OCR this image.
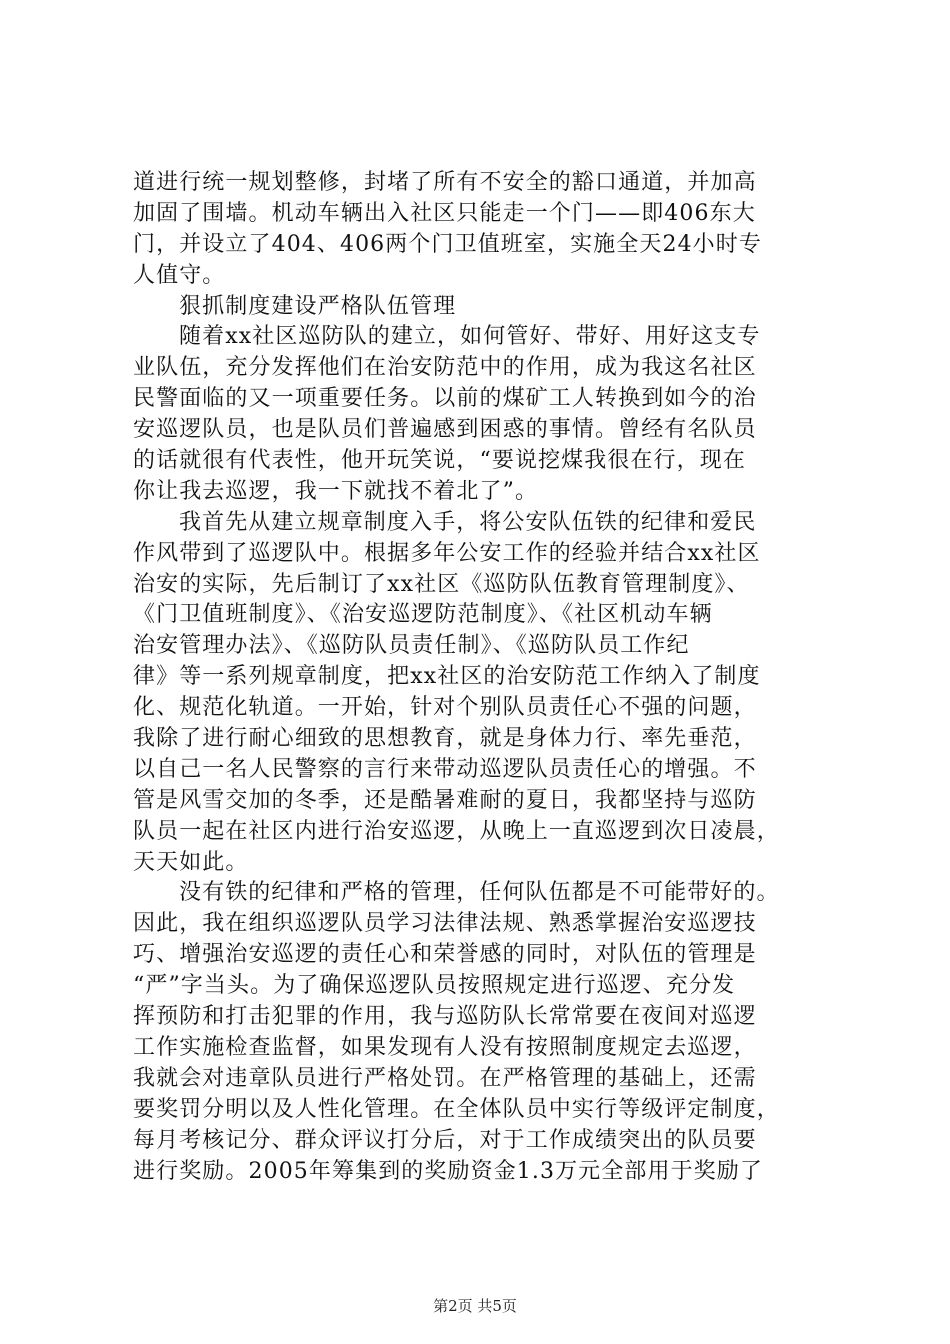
道进行统一规划整修，封堵了所有不安全的豁口通道，并加高
加固了围墙。机动车辆出入社区只能走一个门——即406东大
门，并设立了404、406两个门卫值班室，实施全天24小时专
人值守。
狠抓制度建设严格队伍管理
随着xx社区巡防队的建立，如何管好、带好、用好这支专
业队伍，充分发挥他们在治安防范中的作用，成为我这名社区
民警面临的又一项重要任务。以前的煤矿工人转换到如今的治
安巡逻队员，也是队员们普遍感到困惑的事情。曾经有名队员
的话就很有代表性，他开玩笑说，“要说挖煤我很在行，现在
你让我去巡逻，我一下就找不着北了”。
我首先从建立规章制度入手，将公安队伍铁的纪律和爱民
作风带到了巡逻队中。根据多年公安工作的经验并结合xx社区
治安的实际，先后制订了xx社区《巡防队伍教育管理制度》、
《门卫值班制度》、《治安巡逻防范制度》、《社区机动车辆
治安管理办法》、《巡防队员责任制》、《巡防队员工作纪
律》等一系列规章制度，把xx社区的治安防范工作纳入了制度
化、规范化轨道。一开始，针对个别队员责任心不强的问题，
我除了进行耐心细致的思想教育，就是身体力行、率先垂范，
以自己一名人民警察的言行来带动巡逻队员责任心的增强。不
管是风雪交加的冬季，还是酷暑难耐的夏日，我都坚持与巡防
队员一起在社区内进行治安巡逻，从晚上一直巡逻到次日凌晨，
天天如此。
没有铁的纪律和严格的管理，任何队伍都是不可能带好的。
因此，我在组织巡逻队员学习法律法规、熟悉掌握治安巡逻技
巧、增强治安巡逻的责任心和荣誉感的同时，对队伍的管理是
“严”字当头。为了确保巡逻队员按照规定进行巡逻、充分发
挥预防和打击犯罪的作用，我与巡防队长常常要在夜间对巡逻
工作实施检查监督，如果发现有人没有按照制度规定去巡逻，
我就会对违章队员进行严格处罚。在严格管理的基础上，还需
要奖罚分明以及人性化管理。在全体队员中实行等级评定制度，
每月考核记分、群众评议打分后，对于工作成绩突出的队员要
进行奖励。2005年筹集到的奖励资金1.3万元全部用于奖励了
第2页 共5页
